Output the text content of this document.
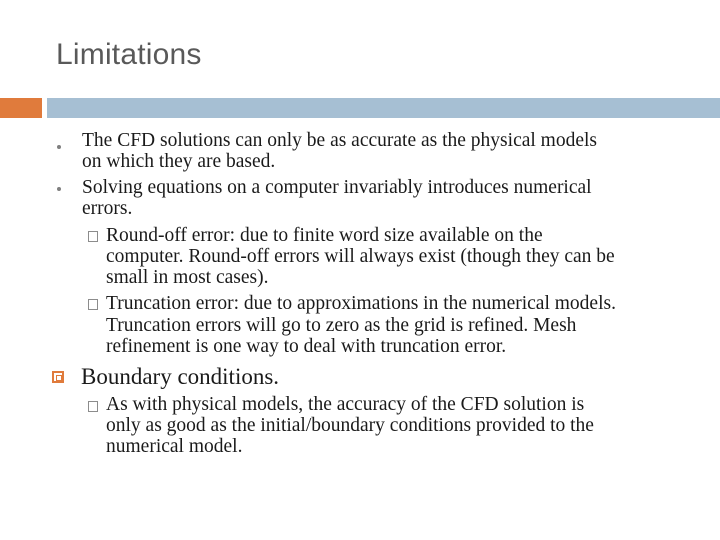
Limitations
The CFD solutions can only be as accurate as the physical models
on which they are based.
Solving equations on a computer invariably introduces numerical
errors.
Round-off error: due to finite word size available on the
computer. Round-off errors will always exist (though they can be
small in most cases).
Truncation error: due to approximations in the numerical models.
Truncation errors will go to zero as the grid is refined. Mesh
refinement is one way to deal with truncation error.
Boundary conditions.
As with physical models, the accuracy of the CFD solution is
only as good as the initial/boundary conditions provided to the
numerical model.
